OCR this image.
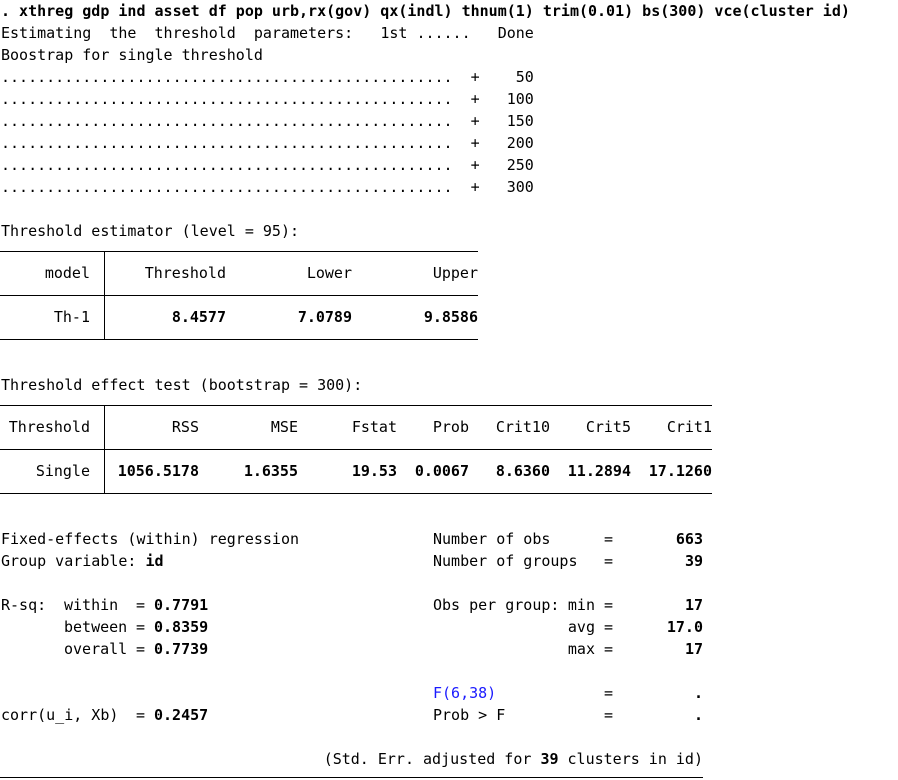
. xthreg gdp ind asset df pop urb,rx(gov) qx(indl) thnum(1) trim(0.01) bs(300) vce(cluster id)
Estimating the threshold parameters: 1st ...... Done
Boostrap for single threshold
.................................................. + 50
.................................................. + 100
.................................................. + 150
.................................................. + 200
.................................................. + 250
.................................................. + 300
Threshold estimator (level = 95):
model	Threshold	Lower	Upper
Th-1	8.4577	7.0789	9.8586
Threshold effect test (bootstrap = 300):
Threshold	RSS	MSE	Fstat	Prob	Crit10	Crit5	Crit1
Single	1056.5178	1.6355	19.53	0.0067	8.6360	11.2894	17.1260
Fixed-effects (within) regression
Group variable: id
R-sq: within = 0.7791
between = 0.8359
overall = 0.7739
corr(u_i, Xb) = 0.2457
Number of obs	=	663
Number of groups =	39
Obs per group: min =	17
avg =	17.0
max =	17
F(6,38)	=	.
Prob > F	=	.
(Std. Err. adjusted for 39 clusters in id)
